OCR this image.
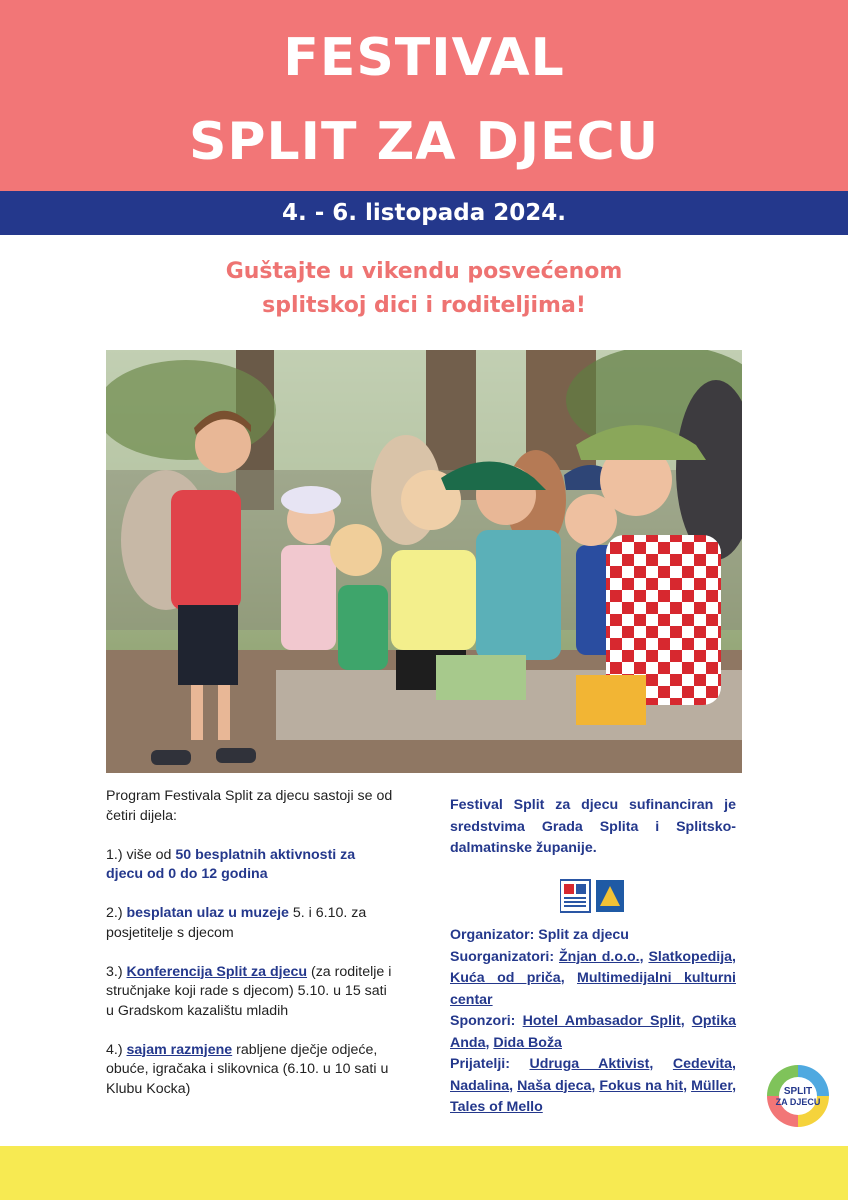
FESTIVAL
SPLIT ZA DJECU
4. - 6. listopada 2024.
Guštajte u vikendu posvećenom
splitskoj dici i roditeljima!

Program Festivala Split za djecu sastoji se od četiri dijela:

1.) više od 50 besplatnih aktivnosti za djecu od 0 do 12 godina

2.) besplatan ulaz u muzeje 5. i 6.10. za posjetitelje s djecom

3.) Konferencija Split za djecu (za roditelje i stručnjake koji rade s djecom) 5.10. u 15 sati u Gradskom kazalištu mladih

4.) sajam razmjene rabljene dječje odjeće, obuće, igračaka i slikovnica (6.10. u 10 sati u Klubu Kocka)

Festival Split za djecu sufinanciran je sredstvima Grada Splita i Splitsko-dalmatinske županije.
Organizator: Split za djecu
Suorganizatori: Žnjan d.o.o., Slatkopedija, Kuća od priča, Multimedijalni kulturni centar
Sponzori: Hotel Ambasador Split, Optika Anda, Dida Boža
Prijatelji: Udruga Aktivist, Cedevita, Nadalina, Naša djeca, Fokus na hit, Müller, Tales of Mello
SPLIT
ZA DJECU
